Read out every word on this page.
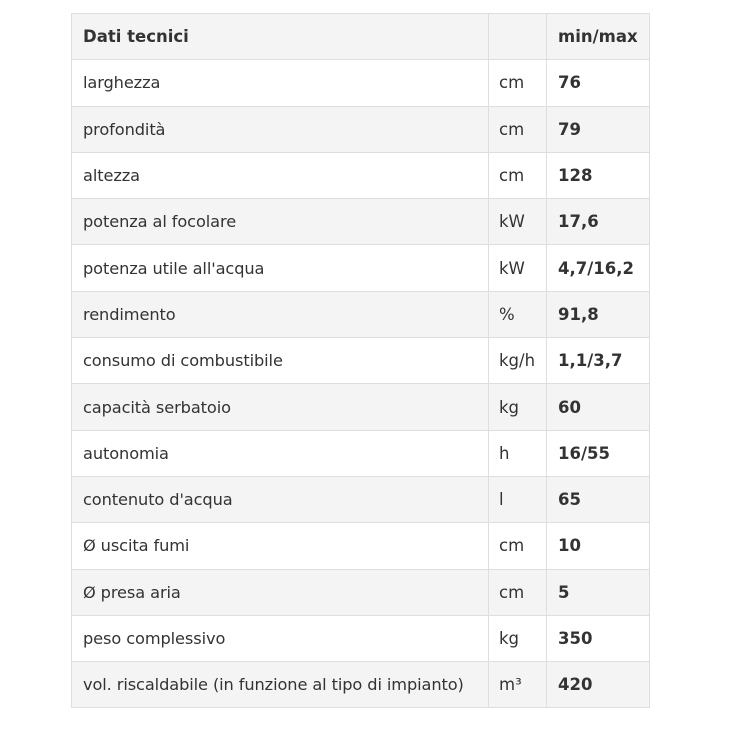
Dati tecnici		min/max
larghezza	cm	76
profondità	cm	79
altezza	cm	128
potenza al focolare	kW	17,6
potenza utile all'acqua	kW	4,7/16,2
rendimento	%	91,8
consumo di combustibile	kg/h	1,1/3,7
capacità serbatoio	kg	60
autonomia	h	16/55
contenuto d'acqua	l	65
Ø uscita fumi	cm	10
Ø presa aria	cm	5
peso complessivo	kg	350
vol. riscaldabile (in funzione al tipo di impianto)	m³	420
